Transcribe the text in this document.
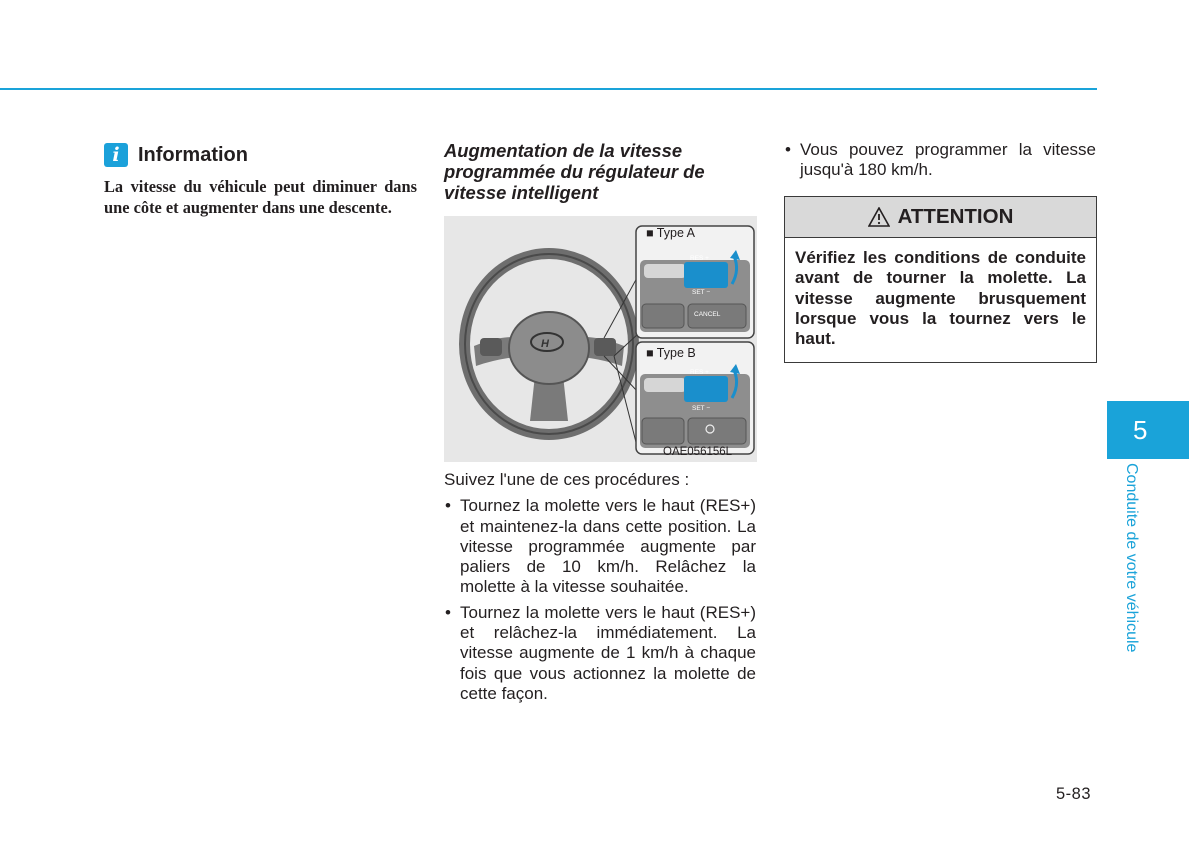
i Information
La vitesse du véhicule peut diminuer dans une côte et augmenter dans une descente.
Augmentation de la vitesse programmée du régulateur de vitesse intelligent
H
RES +
SET −
CANCEL
RES +
SET −
■ Type A
■ Type B
OAE056156L

Suivez l'une de ces procédures :

• Tournez la molette vers le haut (RES+) et maintenez-la dans cette position. La vitesse programmée augmente par paliers de 10 km/h. Relâchez la molette à la vitesse souhaitée.
• Tournez la molette vers le haut (RES+) et relâchez-la immédiatement. La vitesse augmente de 1 km/h à chaque fois que vous actionnez la molette de cette façon.
• Vous pouvez programmer la vitesse jusqu'à 180 km/h.
ATTENTION
Vérifiez les conditions de conduite avant de tourner la molette. La vitesse augmente brusquement lorsque vous la tournez vers le haut.
5
Conduite de votre véhicule
5-83
